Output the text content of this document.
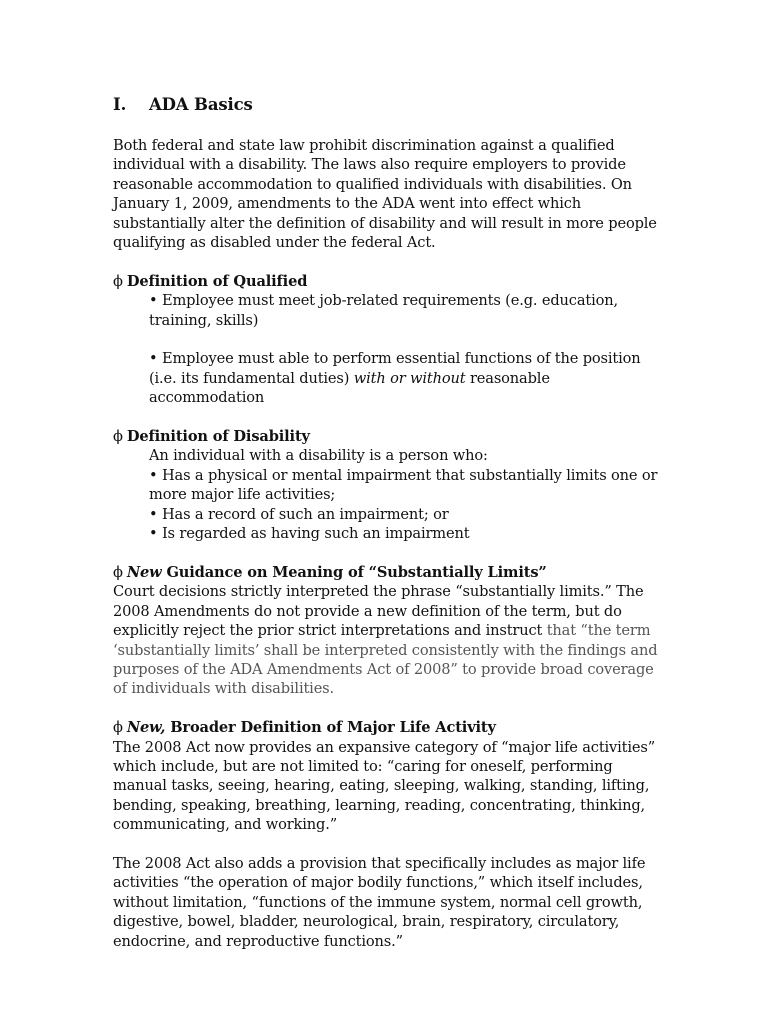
I.	ADA Basics

Both federal and state law prohibit discrimination against a qualified individual with a disability. The laws also require employers to provide reasonable accommodation to qualified individuals with disabilities. On January 1, 2009, amendments to the ADA went into effect which substantially alter the definition of disability and will result in more people qualifying as disabled under the federal Act.

ϕ Definition of Qualified

• Employee must meet job-related requirements (e.g. education, training, skills)

• Employee must able to perform essential functions of the position (i.e. its fundamental duties) with or without reasonable accommodation

ϕ Definition of Disability

An individual with a disability is a person who:

• Has a physical or mental impairment that substantially limits one or more major life activities;

• Has a record of such an impairment; or

• Is regarded as having such an impairment

ϕ New Guidance on Meaning of “Substantially Limits”

Court decisions strictly interpreted the phrase “substantially limits.” The 2008 Amendments do not provide a new definition of the term, but do explicitly reject the prior strict interpretations and instruct that “the term ‘substantially limits’ shall be interpreted consistently with the findings and purposes of the ADA Amendments Act of 2008” to provide broad coverage of individuals with disabilities.

ϕ New, Broader Definition of Major Life Activity

The 2008 Act now provides an expansive category of “major life activities” which include, but are not limited to: “caring for oneself, performing manual tasks, seeing, hearing, eating, sleeping, walking, standing, lifting, bending, speaking, breathing, learning, reading, concentrating, thinking, communicating, and working.”

The 2008 Act also adds a provision that specifically includes as major life activities “the operation of major bodily functions,” which itself includes, without limitation, “functions of the immune system, normal cell growth, digestive, bowel, bladder, neurological, brain, respiratory, circulatory, endocrine, and reproductive functions.”
